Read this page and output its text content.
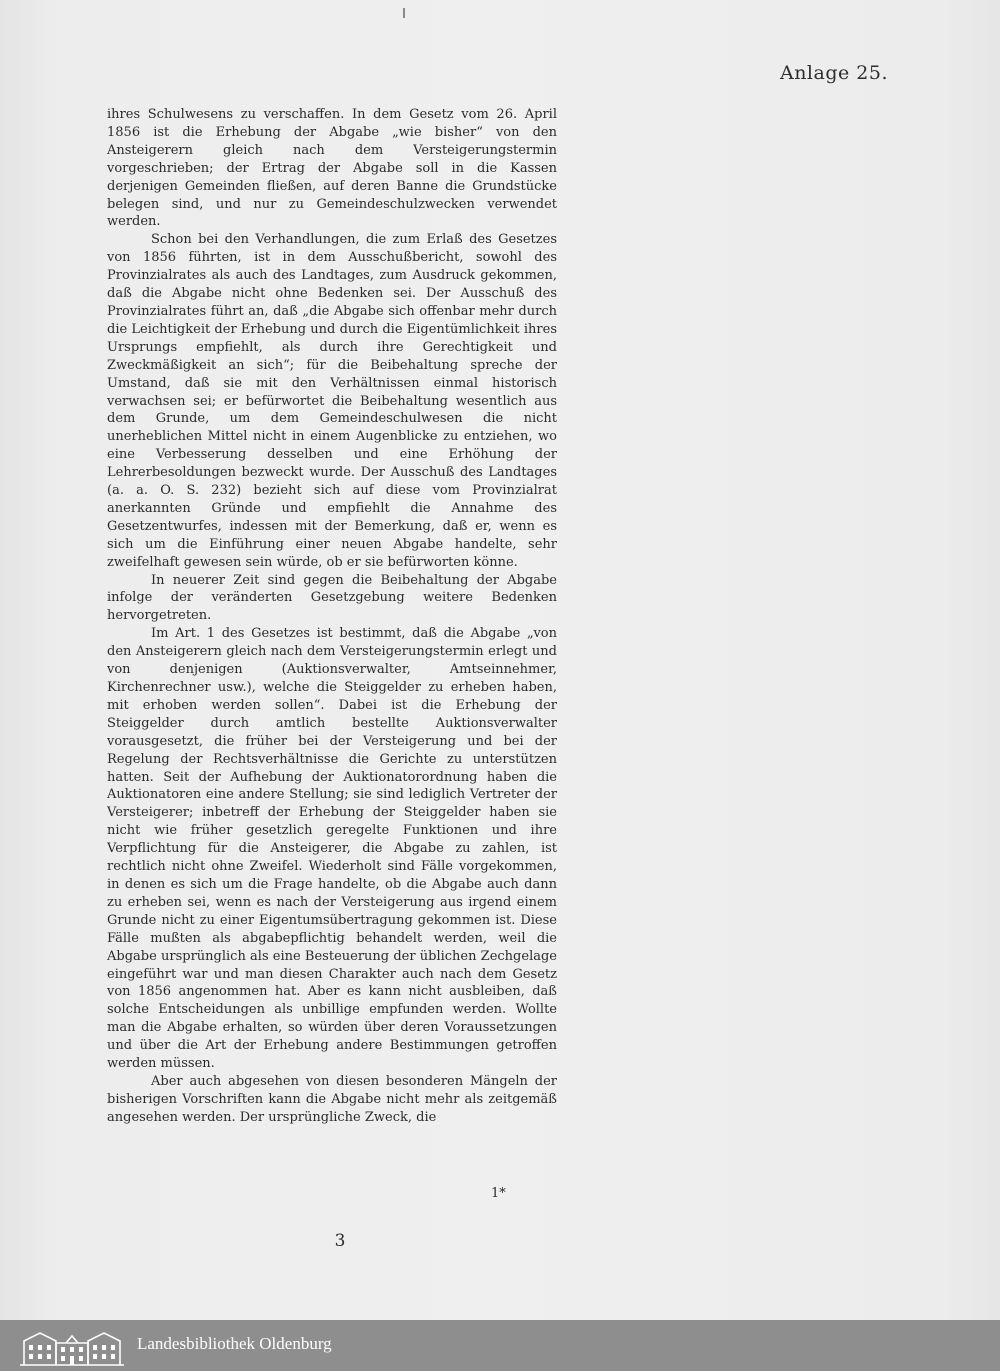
Anlage 25.

ihres Schulwesens zu verschaffen. In dem Gesetz vom 26. April 1856 ist die Erhebung der Abgabe „wie bisher“ von den Ansteigerern gleich nach dem Versteigerungstermin vorgeschrieben; der Ertrag der Abgabe soll in die Kassen derjenigen Gemeinden fließen, auf deren Banne die Grundstücke belegen sind, und nur zu Gemeindeschulzwecken verwendet werden.

Schon bei den Verhandlungen, die zum Erlaß des Gesetzes von 1856 führten, ist in dem Ausschußbericht, sowohl des Provinzialrates als auch des Landtages, zum Ausdruck gekommen, daß die Abgabe nicht ohne Bedenken sei. Der Ausschuß des Provinzialrates führt an, daß „die Abgabe sich offenbar mehr durch die Leichtigkeit der Erhebung und durch die Eigentümlichkeit ihres Ursprungs empfiehlt, als durch ihre Gerechtigkeit und Zweckmäßigkeit an sich“; für die Beibehaltung spreche der Umstand, daß sie mit den Verhältnissen einmal historisch verwachsen sei; er befürwortet die Beibehaltung wesentlich aus dem Grunde, um dem Gemeindeschulwesen die nicht unerheblichen Mittel nicht in einem Augenblicke zu entziehen, wo eine Verbesserung desselben und eine Erhöhung der Lehrerbesoldungen bezweckt wurde. Der Ausschuß des Landtages (a. a. O. S. 232) bezieht sich auf diese vom Provinzialrat anerkannten Gründe und empfiehlt die Annahme des Gesetzentwurfes, indessen mit der Bemerkung, daß er, wenn es sich um die Einführung einer neuen Abgabe handelte, sehr zweifelhaft gewesen sein würde, ob er sie befürworten könne.

In neuerer Zeit sind gegen die Beibehaltung der Abgabe infolge der veränderten Gesetzgebung weitere Bedenken hervorgetreten.

Im Art. 1 des Gesetzes ist bestimmt, daß die Abgabe „von den Ansteigerern gleich nach dem Versteigerungstermin erlegt und von denjenigen (Auktionsverwalter, Amtseinnehmer, Kirchenrechner usw.), welche die Steiggelder zu erheben haben, mit erhoben werden sollen“. Dabei ist die Erhebung der Steiggelder durch amtlich bestellte Auktionsverwalter vorausgesetzt, die früher bei der Versteigerung und bei der Regelung der Rechtsverhältnisse die Gerichte zu unterstützen hatten. Seit der Aufhebung der Auktionatorordnung haben die Auktionatoren eine andere Stellung; sie sind lediglich Vertreter der Versteigerer; inbetreff der Erhebung der Steiggelder haben sie nicht wie früher gesetzlich geregelte Funktionen und ihre Verpflichtung für die Ansteigerer, die Abgabe zu zahlen, ist rechtlich nicht ohne Zweifel. Wiederholt sind Fälle vorgekommen, in denen es sich um die Frage handelte, ob die Abgabe auch dann zu erheben sei, wenn es nach der Versteigerung aus irgend einem Grunde nicht zu einer Eigentumsübertragung gekommen ist. Diese Fälle mußten als abgabepflichtig behandelt werden, weil die Abgabe ursprünglich als eine Besteuerung der üblichen Zechgelage eingeführt war und man diesen Charakter auch nach dem Gesetz von 1856 angenommen hat. Aber es kann nicht ausbleiben, daß solche Entscheidungen als unbillige empfunden werden. Wollte man die Abgabe erhalten, so würden über deren Voraussetzungen und über die Art der Erhebung andere Bestimmungen getroffen werden müssen.

Aber auch abgesehen von diesen besonderen Mängeln der bisherigen Vorschriften kann die Abgabe nicht mehr als zeitgemäß angesehen werden. Der ursprüngliche Zweck, die

1*
3
Landesbibliothek Oldenburg
